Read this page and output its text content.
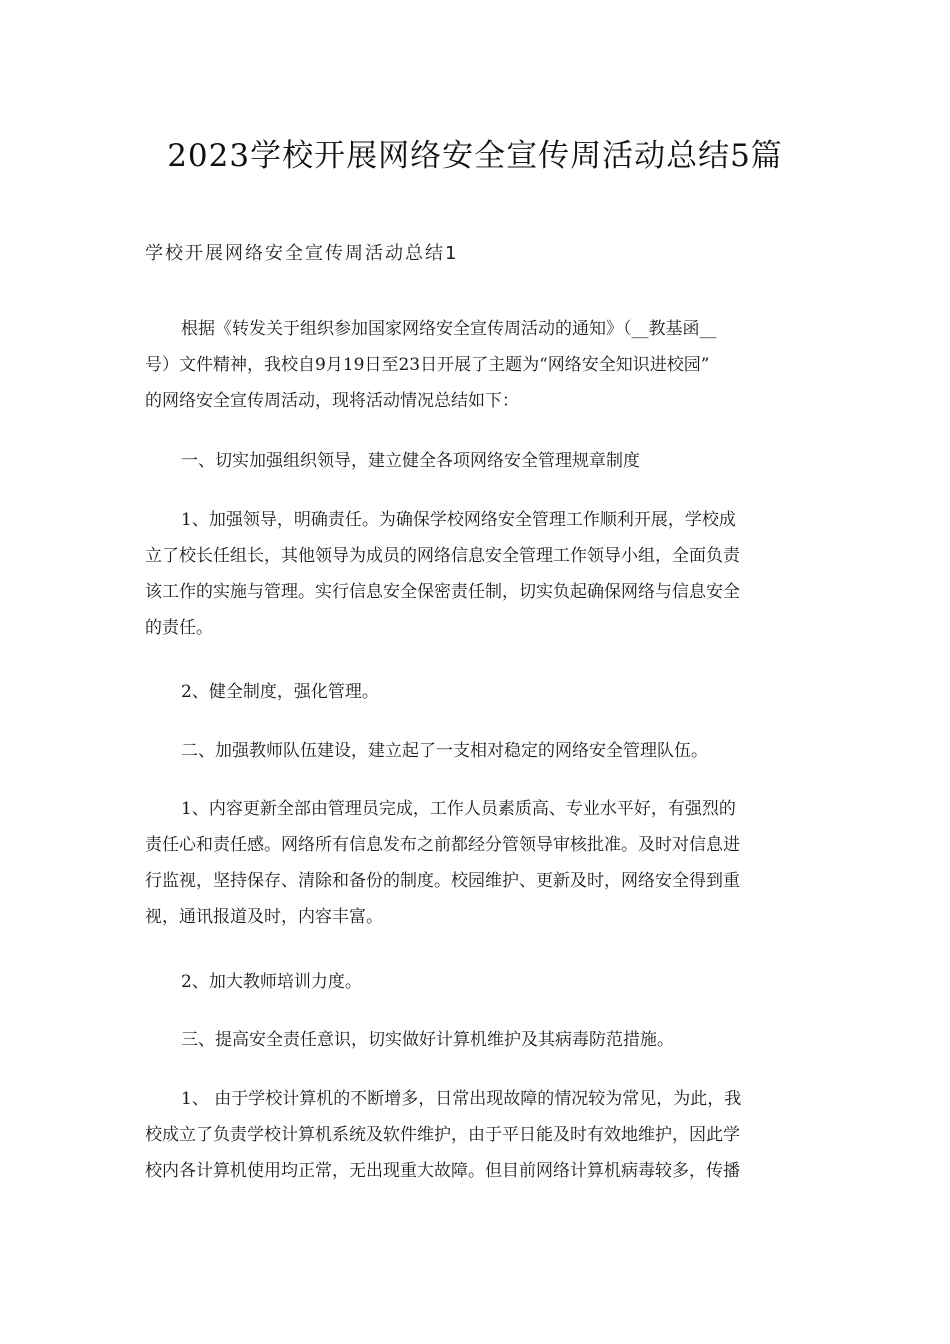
2023学校开展网络安全宣传周活动总结5篇
学校开展网络安全宣传周活动总结1
根据《转发关于组织参加国家网络安全宣传周活动的通知》（__教基函__
号）文件精神，我校自9月19日至23日开展了主题为“网络安全知识进校园”
的网络安全宣传周活动，现将活动情况总结如下：
一、切实加强组织领导，建立健全各项网络安全管理规章制度
1、加强领导，明确责任。为确保学校网络安全管理工作顺利开展，学校成
立了校长任组长，其他领导为成员的网络信息安全管理工作领导小组，全面负责
该工作的实施与管理。实行信息安全保密责任制，切实负起确保网络与信息安全
的责任。
2、健全制度，强化管理。
二、加强教师队伍建设，建立起了一支相对稳定的网络安全管理队伍。
1、内容更新全部由管理员完成，工作人员素质高、专业水平好，有强烈的
责任心和责任感。网络所有信息发布之前都经分管领导审核批准。及时对信息进
行监视，坚持保存、清除和备份的制度。校园维护、更新及时，网络安全得到重
视，通讯报道及时，内容丰富。
2、加大教师培训力度。
三、提高安全责任意识，切实做好计算机维护及其病毒防范措施。
1、 由于学校计算机的不断增多，日常出现故障的情况较为常见，为此，我
校成立了负责学校计算机系统及软件维护，由于平日能及时有效地维护，因此学
校内各计算机使用均正常，无出现重大故障。但目前网络计算机病毒较多，传播
